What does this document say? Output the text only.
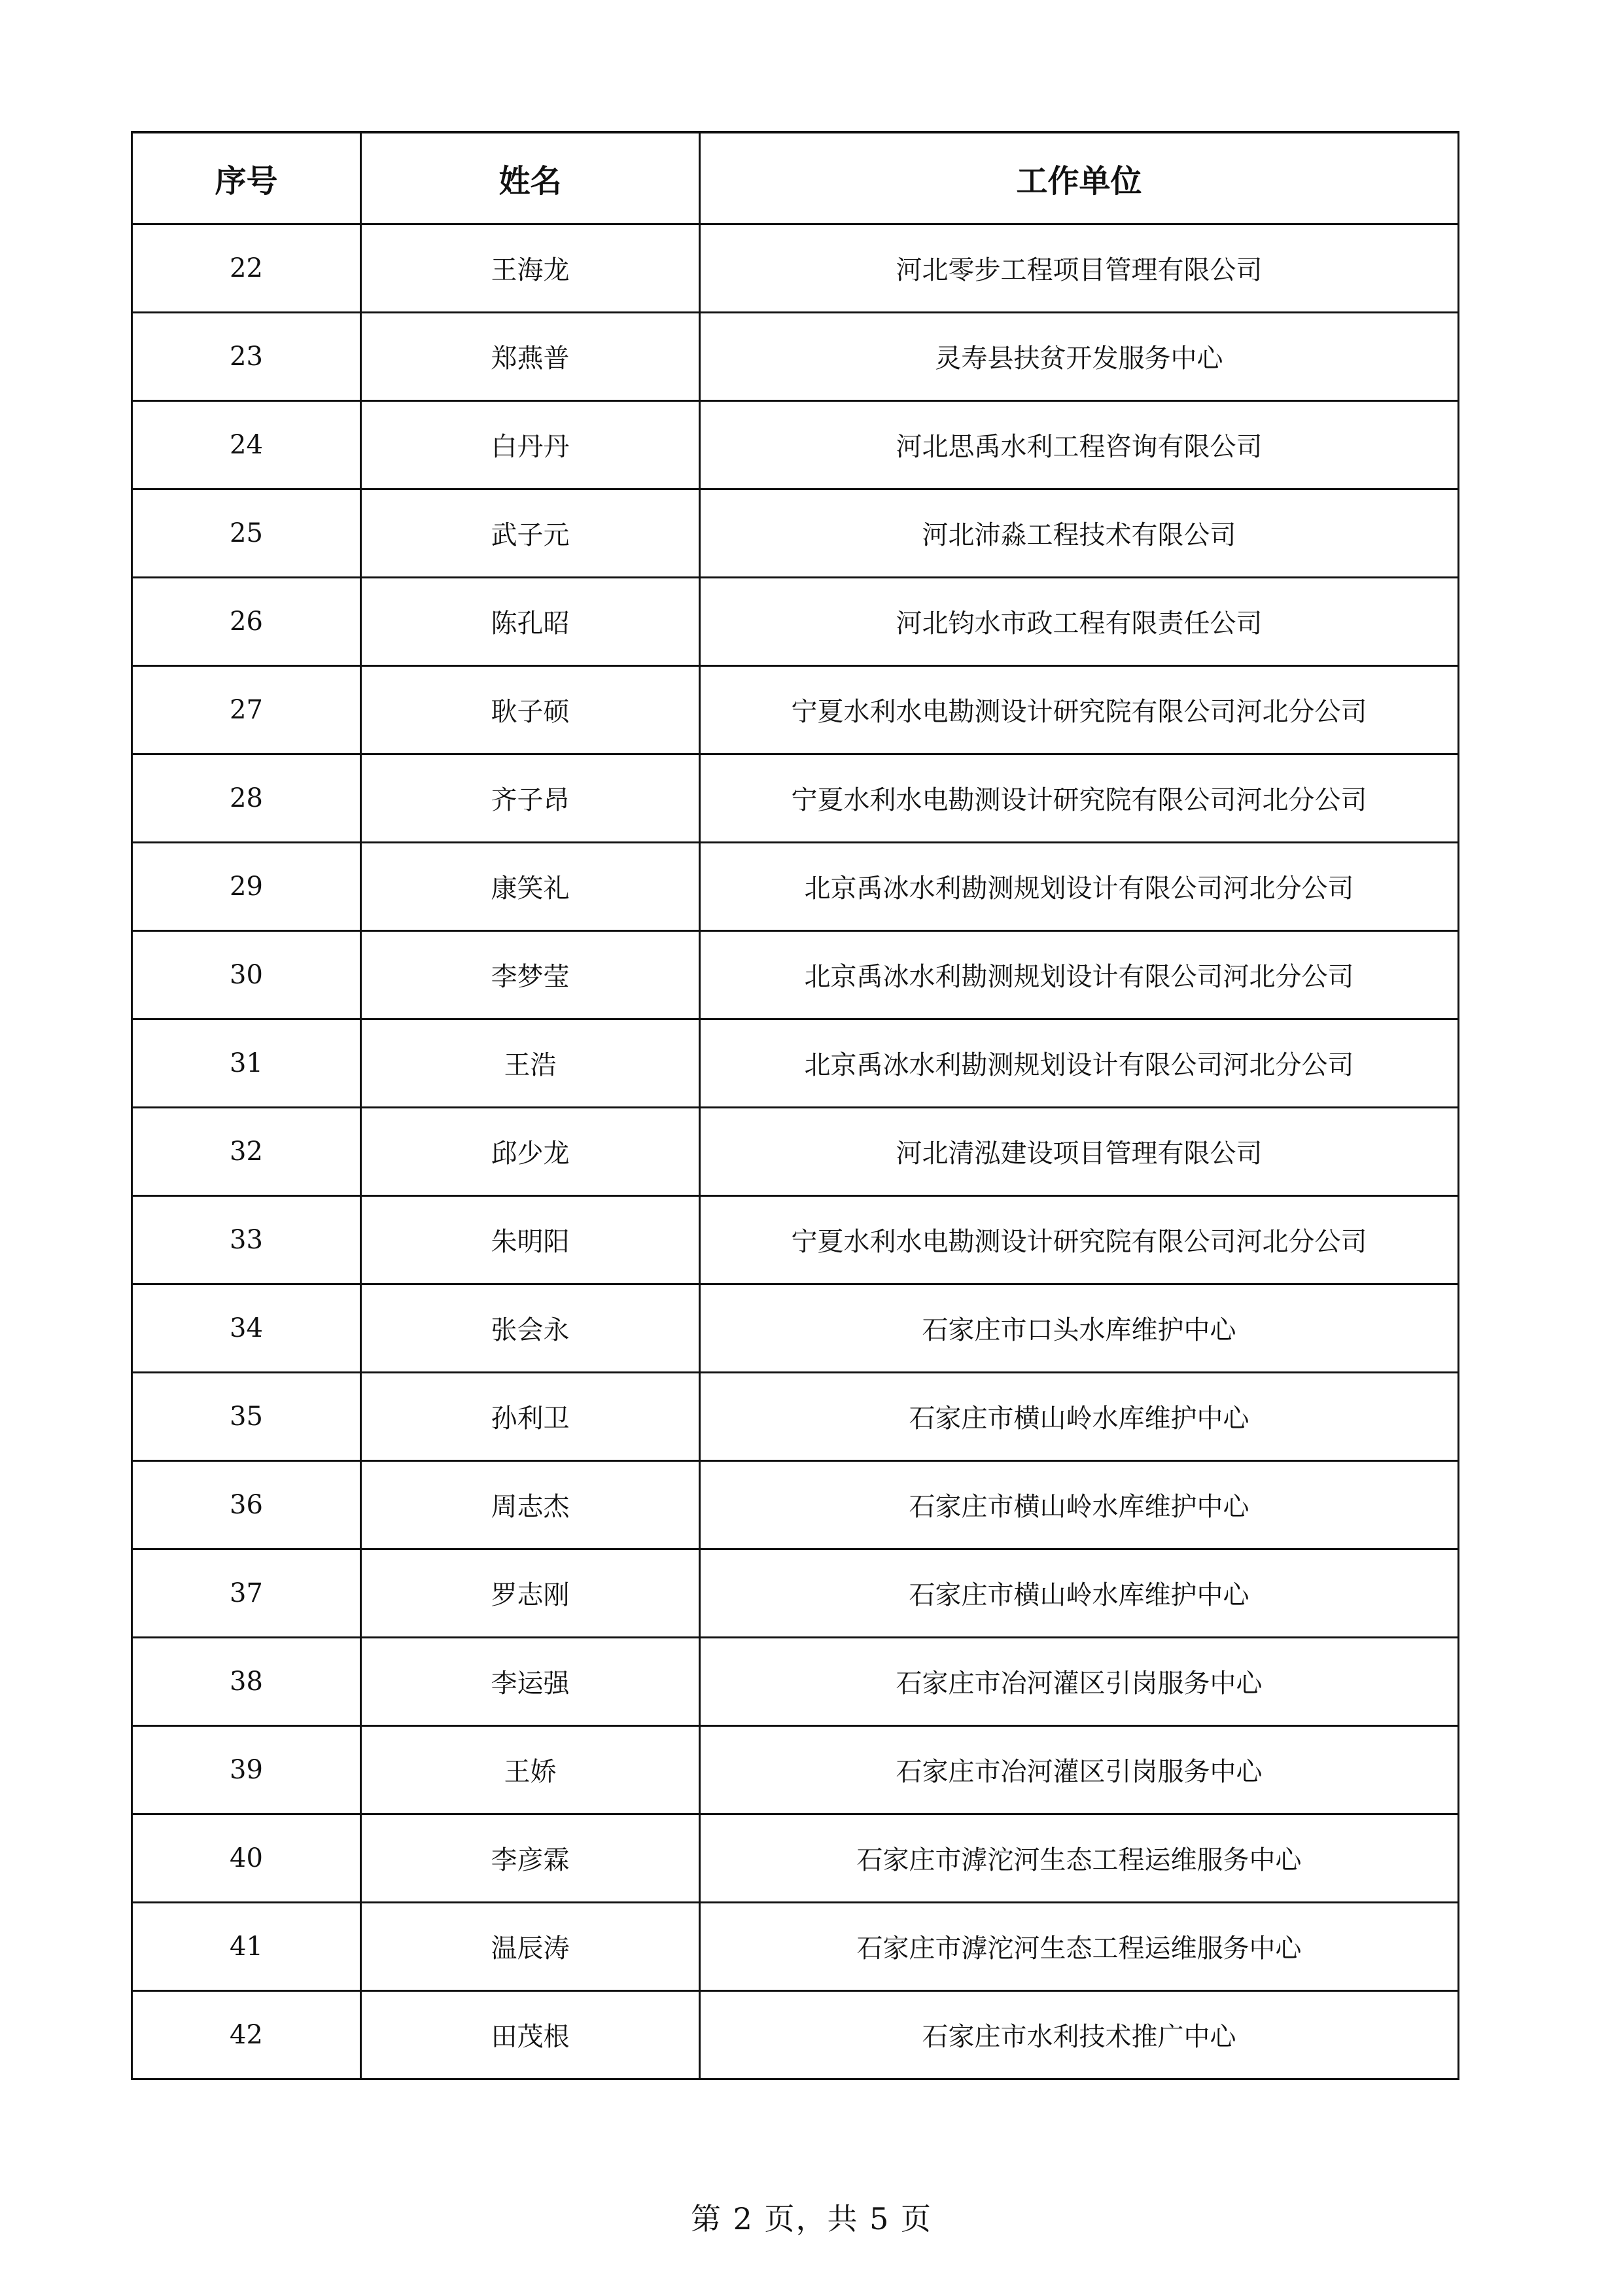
序号	姓名	工作单位
22	王海龙	河北零步工程项目管理有限公司
23	郑燕普	灵寿县扶贫开发服务中心
24	白丹丹	河北思禹水利工程咨询有限公司
25	武子元	河北沛淼工程技术有限公司
26	陈孔昭	河北钧水市政工程有限责任公司
27	耿子硕	宁夏水利水电勘测设计研究院有限公司河北分公司
28	齐子昂	宁夏水利水电勘测设计研究院有限公司河北分公司
29	康笑礼	北京禹冰水利勘测规划设计有限公司河北分公司
30	李梦莹	北京禹冰水利勘测规划设计有限公司河北分公司
31	王浩	北京禹冰水利勘测规划设计有限公司河北分公司
32	邱少龙	河北清泓建设项目管理有限公司
33	朱明阳	宁夏水利水电勘测设计研究院有限公司河北分公司
34	张会永	石家庄市口头水库维护中心
35	孙利卫	石家庄市横山岭水库维护中心
36	周志杰	石家庄市横山岭水库维护中心
37	罗志刚	石家庄市横山岭水库维护中心
38	李运强	石家庄市冶河灌区引岗服务中心
39	王娇	石家庄市冶河灌区引岗服务中心
40	李彦霖	石家庄市滹沱河生态工程运维服务中心
41	温辰涛	石家庄市滹沱河生态工程运维服务中心
42	田茂根	石家庄市水利技术推广中心
第 2 页，共 5 页
